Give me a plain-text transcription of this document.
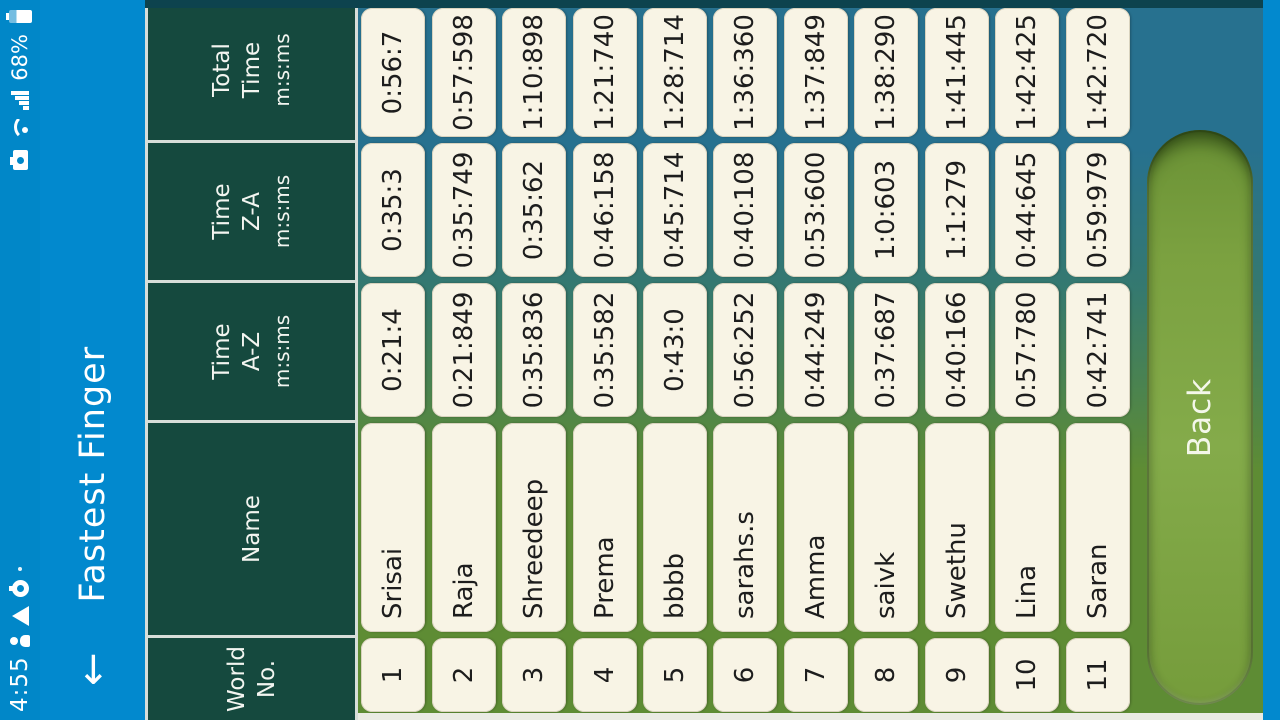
4:55
68%
←
Fastest Finger
World No.
Name
Time A-Z m:s:ms
Time Z-A m:s:ms
Total Time m:s:ms
1
Srisai
0:21:4
0:35:3
0:56:7
2
Raja
0:21:849
0:35:749
0:57:598
3
Shreedeep
0:35:836
0:35:62
1:10:898
4
Prema
0:35:582
0:46:158
1:21:740
5
bbbb
0:43:0
0:45:714
1:28:714
6
sarahs.s
0:56:252
0:40:108
1:36:360
7
Amma
0:44:249
0:53:600
1:37:849
8
saivk
0:37:687
1:0:603
1:38:290
9
Swethu
0:40:166
1:1:279
1:41:445
10
Lina
0:57:780
0:44:645
1:42:425
11
Saran
0:42:741
0:59:979
1:42:720
Back
